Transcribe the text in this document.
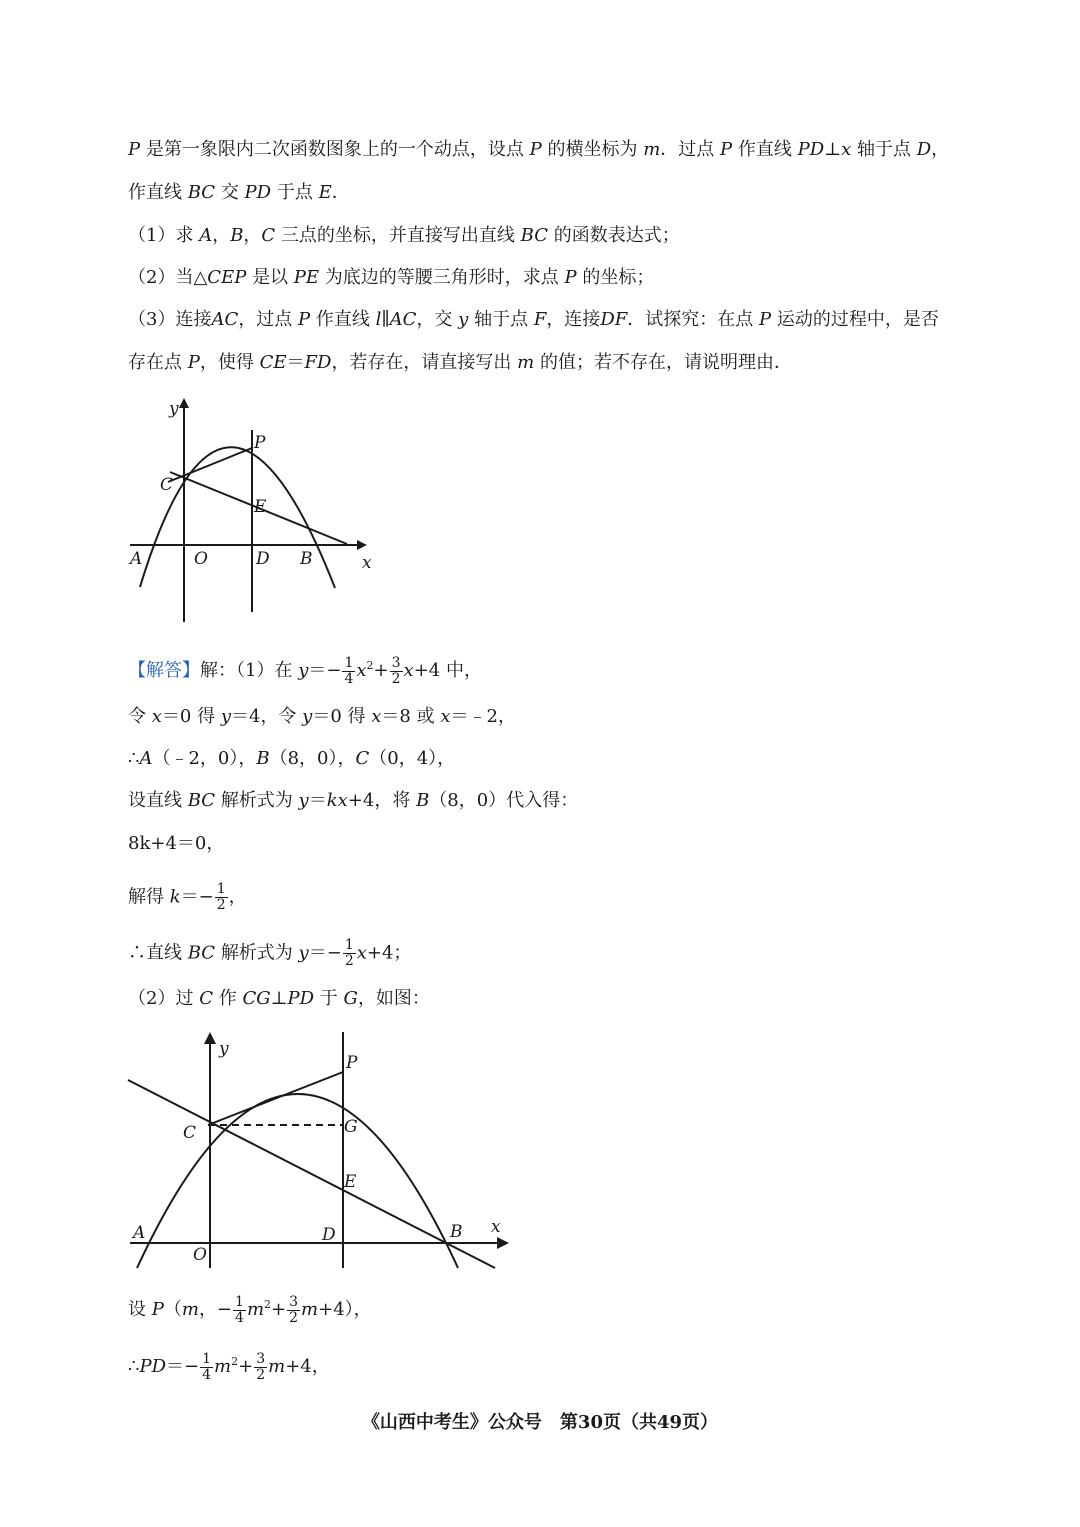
P 是第一象限内二次函数图象上的一个动点，设点 P 的横坐标为 m．过点 P 作直线 PD⊥x 轴于点 D，
作直线 BC 交 PD 于点 E．
（1）求 A，B，C 三点的坐标，并直接写出直线 BC 的函数表达式；
（2）当△CEP 是以 PE 为底边的等腰三角形时，求点 P 的坐标；
（3）连接AC，过点 P 作直线 l∥AC，交 y 轴于点 F，连接DF．试探究：在点 P 运动的过程中，是否
存在点 P，使得 CE＝FD，若存在，请直接写出 m 的值；若不存在，请说明理由．
y
P
C
E
A	O	D B	x
【解答】解：（1）在 $y=- \frac{1}{4} x^2+ \frac{3}{2} x+4$ 中，
令 x＝0 得 y＝4，令 y＝0 得 x＝8 或 x＝﹣2，
∴A（﹣2，0），B（8，0），C（0，4），
设直线 BC 解析式为 y＝kx+4，将 B（8，0）代入得：
8k+4＝0，
解得 $k=- \frac{1}{2}$ ，
∴直线 BC 解析式为 $y=- \frac{1}{2} x+4$；
（2）过 C 作 CG⊥PD 于 G，如图：
y
P
C	G
E
A	D	B x
O
设 P（m，− $\frac{1}{4} m^2+ \frac{3}{2} m+4$），
∴PD＝− $\frac{1}{4} m^2+ \frac{3}{2} m+4$，
《山西中考生》公众号　第30页（共49页）
